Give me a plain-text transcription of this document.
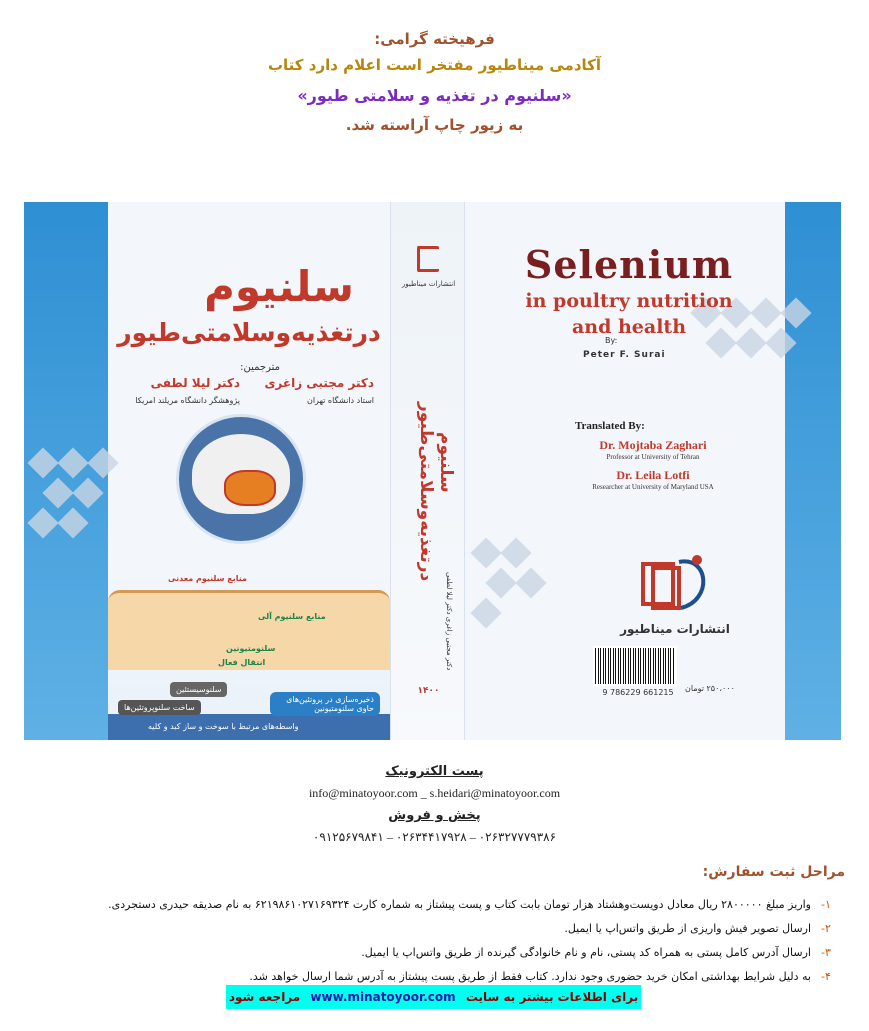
فرهیخته گرامی:
آکادمی میناطیور مفتخر است اعلام دارد کتاب
«سلنیوم در تغذیه و سلامتی طیور»
به زیور چاپ آراسته شد.
سلنیوم
درتغذیه‌وسلامتی‌طیور
مترجمین:
دکتر مجتبی زاغری
استاد دانشگاه تهران
دکتر لیلا لطفی
پژوهشگر دانشگاه مریلند امریکا
منابع سلنیوم معدنی
منابع سلنیوم آلی
سلنومتیونین
انتقال فعال
سلنوسیستئین
ساخت سلنوپروتئین‌ها
ذخیره‌سازی در پروتئین‌های حاوی سلنومتیونین
واسطه‌های مرتبط با سوخت و ساز کبد و کلیه
انتشارات میناطیور
سلنیوم درتغذیه‌وسلامتی‌طیور
دکتر مجتبی زاغری دکتر لیلا لطفی
۱۴۰۰
Selenium
in poultry nutrition
and health
By:
Peter F. Surai
Translated By:
Dr. Mojtaba Zaghari
Professor at University of Tehran
Dr. Leila Lotfi
Researcher at University of Maryland USA
انتشارات میناطیور
9 786229 661215	۲۵۰،۰۰۰ تومان
پست الکترونیک
info@minatoyoor.com _ s.heidari@minatoyoor.com
پخش و فروش
۰۹۱۲۵۶۷۹۸۴۱ – ۰۲۶۳۴۴۱۷۹۲۸ – ۰۲۶۳۲۷۷۷۹۳۸۶
مراحل ثبت سفارش:
-۱
واریز مبلغ ۲۸۰۰۰۰۰ ریال معادل دویست‌وهشتاد هزار تومان بابت کتاب و پست پیشتاز به شماره کارت ۶۲۱۹۸۶۱۰۲۷۱۶۹۳۲۴ به نام صدیقه حیدری دستجردی.
-۲
ارسال تصویر فیش واریزی از طریق واتس‌اپ یا ایمیل.
-۳
ارسال آدرس کامل پستی به همراه کد پستی، نام و نام خانوادگی گیرنده از طریق واتس‌اپ یا ایمیل.
-۴
به دلیل شرایط بهداشتی امکان خرید حضوری وجود ندارد. کتاب فقط از طریق پست پیشتاز به آدرس شما ارسال خواهد شد.
برای اطلاعات بیشتر به سایت www.minatoyoor.com مراجعه شود
